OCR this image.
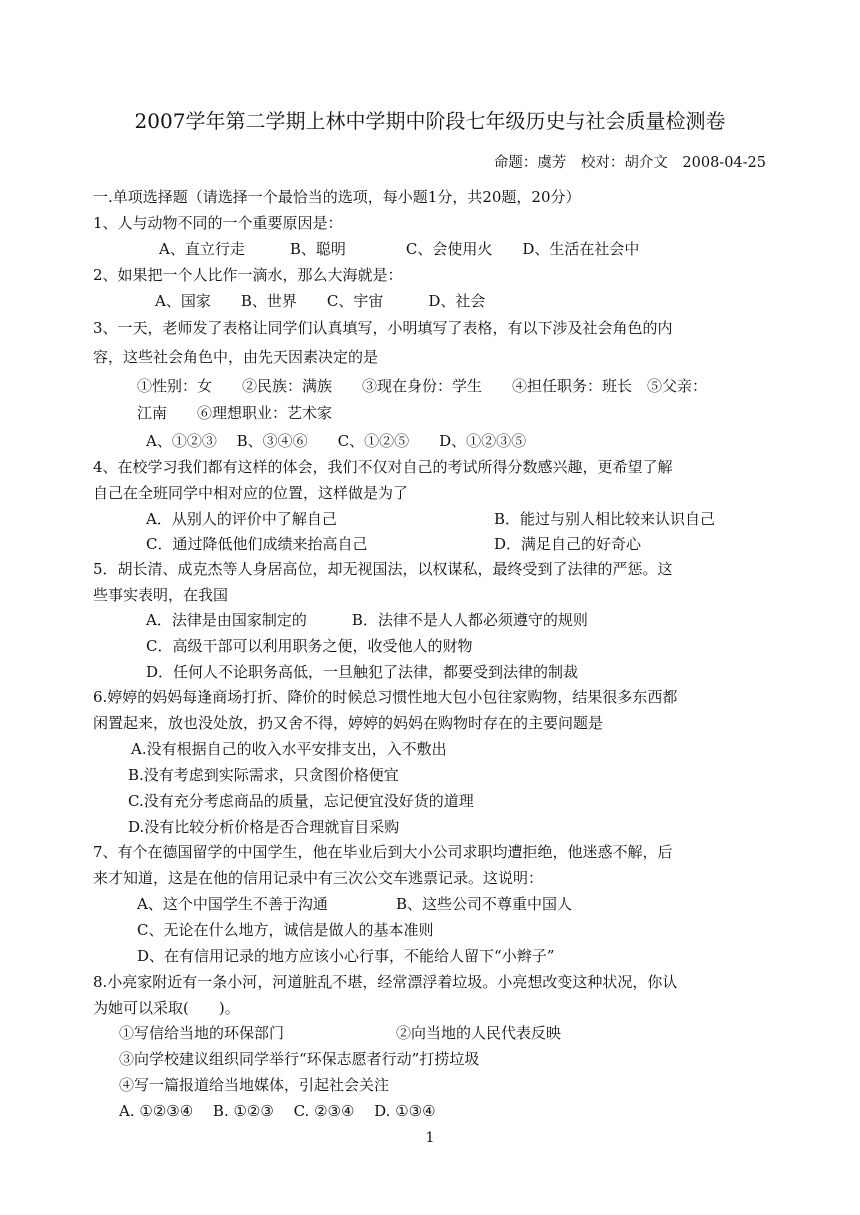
2007学年第二学期上林中学期中阶段七年级历史与社会质量检测卷
命题：虞芳　校对：胡介文　2008-04-25
一.单项选择题（请选择一个最恰当的选项，每小题1分，共20题，20分）
1、人与动物不同的一个重要原因是：
A、直立行走　　　B、聪明　　　　C、会使用火　　D、生活在社会中
2、如果把一个人比作一滴水，那么大海就是：
A、国家　　B、世界　　C、宇宙　　　D、社会
3、一天，老师发了表格让同学们认真填写，小明填写了表格，有以下涉及社会角色的内
容，这些社会角色中，由先天因素决定的是
①性别：女　　②民族：满族　　③现在身份：学生　　④担任职务：班长　⑤父亲：
江南　　⑥理想职业：艺术家
A、①②③　 B、③④⑥　　C、①②⑤　　D、①②③⑤
4、在校学习我们都有这样的体会，我们不仅对自己的考试所得分数感兴趣，更希望了解
自己在全班同学中相对应的位置，这样做是为了
A．从别人的评价中了解自己	B．能过与别人相比较来认识自己
C．通过降低他们成绩来抬高自己	D．满足自己的好奇心
5．胡长清、成克杰等人身居高位，却无视国法，以权谋私，最终受到了法律的严惩。这
些事实表明，在我国
A．法律是由国家制定的　　　B．法律不是人人都必须遵守的规则
C．高级干部可以利用职务之便，收受他人的财物
D．任何人不论职务高低，一旦触犯了法律，都要受到法律的制裁
6.婷婷的妈妈每逢商场打折、降价的时候总习惯性地大包小包往家购物，结果很多东西都
闲置起来，放也没处放，扔又舍不得，婷婷的妈妈在购物时存在的主要问题是
A.没有根据自己的收入水平安排支出，入不敷出
B.没有考虑到实际需求，只贪图价格便宜
C.没有充分考虑商品的质量，忘记便宜没好货的道理
D.没有比较分析价格是否合理就盲目采购
7、有个在德国留学的中国学生，他在毕业后到大小公司求职均遭拒绝，他迷惑不解，后
来才知道，这是在他的信用记录中有三次公交车逃票记录。这说明：
A、这个中国学生不善于沟通	B、这些公司不尊重中国人
C、无论在什么地方，诚信是做人的基本准则
D、在有信用记录的地方应该小心行事，不能给人留下“小辫子”
8.小亮家附近有一条小河，河道脏乱不堪，经常漂浮着垃圾。小亮想改变这种状况，你认
为她可以采取(　　)。
①写信给当地的环保部门	②向当地的人民代表反映
③向学校建议组织同学举行“环保志愿者行动”打捞垃圾
④写一篇报道给当地媒体，引起社会关注
A. ①②③④　 B. ①②③　 C. ②③④　 D. ①③④
1
